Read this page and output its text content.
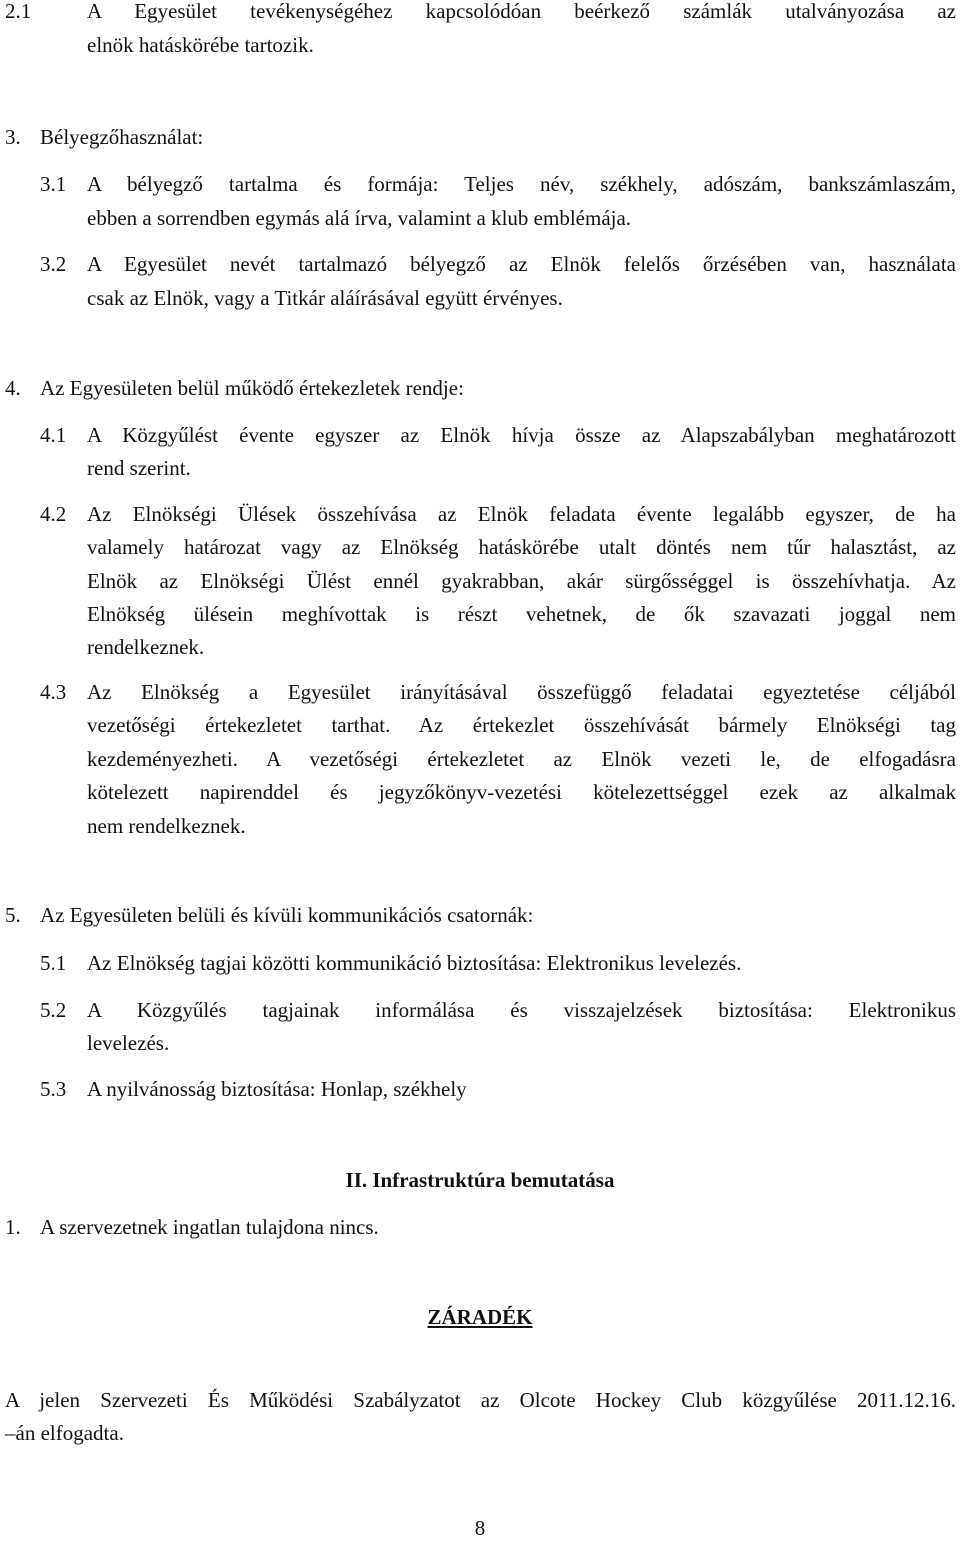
2.1	A Egyesület tevékenységéhez kapcsolódóan beérkező számlák utalványozása az
elnök hatáskörébe tartozik.
3. Bélyegzőhasználat:
3.1 A bélyegző tartalma és formája: Teljes név, székhely, adószám, bankszámlaszám,
ebben a sorrendben egymás alá írva, valamint a klub emblémája.
3.2 A Egyesület nevét tartalmazó bélyegző az Elnök felelős őrzésében van, használata
csak az Elnök, vagy a Titkár aláírásával együtt érvényes.
4. Az Egyesületen belül működő értekezletek rendje:
4.1 A Közgyűlést évente egyszer az Elnök hívja össze az Alapszabályban meghatározott
rend szerint.
4.2 Az Elnökségi Ülések összehívása az Elnök feladata évente legalább egyszer, de ha
valamely határozat vagy az Elnökség hatáskörébe utalt döntés nem tűr halasztást, az
Elnök az Elnökségi Ülést ennél gyakrabban, akár sürgősséggel is összehívhatja. Az
Elnökség ülésein meghívottak is részt vehetnek, de ők szavazati joggal nem
rendelkeznek.
4.3 Az Elnökség a Egyesület irányításával összefüggő feladatai egyeztetése céljából
vezetőségi értekezletet tarthat. Az értekezlet összehívását bármely Elnökségi tag
kezdeményezheti. A vezetőségi értekezletet az Elnök vezeti le, de elfogadásra
kötelezett napirenddel és jegyzőkönyv-vezetési kötelezettséggel ezek az alkalmak
nem rendelkeznek.
5. Az Egyesületen belüli és kívüli kommunikációs csatornák:
5.1 Az Elnökség tagjai közötti kommunikáció biztosítása: Elektronikus levelezés.
5.2 A Közgyűlés tagjainak informálása és visszajelzések biztosítása: Elektronikus
levelezés.
5.3 A nyilvánosság biztosítása: Honlap, székhely
II. Infrastruktúra bemutatása
1. A szervezetnek ingatlan tulajdona nincs.
ZÁRADÉK
A jelen Szervezeti És Működési Szabályzatot az Olcote Hockey Club közgyűlése 2011.12.16.
–án elfogadta.
8
